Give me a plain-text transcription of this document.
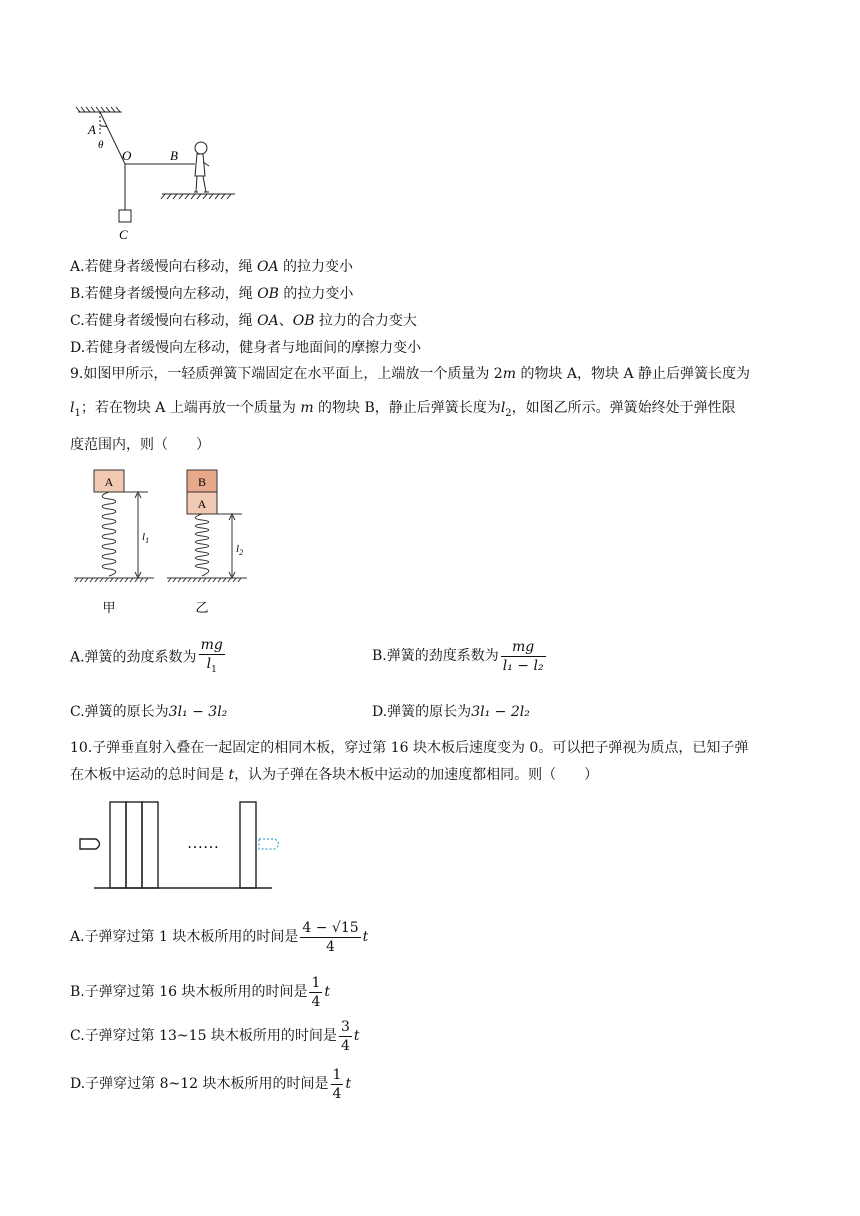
A
θ
O	B
C
A.若健身者缓慢向右移动，绳 OA 的拉力变小
B.若健身者缓慢向左移动，绳 OB 的拉力变小
C.若健身者缓慢向右移动，绳 OA、OB 拉力的合力变大
D.若健身者缓慢向左移动，健身者与地面间的摩擦力变小
9.如图甲所示，一轻质弹簧下端固定在水平面上，上端放一个质量为 2m 的物块 A，物块 A 静止后弹簧长度为
$l_1$；若在物块 A 上端再放一个质量为 m 的物块 B，静止后弹簧长度为$l_2$，如图乙所示。弹簧始终处于弹性限
度范围内，则（　　）
A
$l_1$
甲
B
A
$l_2$
乙
A.弹簧的劲度系数为 $\frac{mg}{l_1}$	B.弹簧的劲度系数为 $\frac{mg}{\text{l₁ − l₂}}$
C.弹簧的原长为3l₁ − 3l₂	D.弹簧的原长为3l₁ − 2l₂
10.子弹垂直射入叠在一起固定的相同木板，穿过第 16 块木板后速度变为 0。可以把子弹视为质点，已知子弹
在木板中运动的总时间是 t，认为子弹在各块木板中运动的加速度都相同。则（　　）
……
A.子弹穿过第 1 块木板所用的时间是 $\frac{4 - √15}{4}$ t
B.子弹穿过第 16 块木板所用的时间是 $\frac{1}{4}$ t
C.子弹穿过第 13~15 块木板所用的时间是 $\frac{3}{4}$ t
D.子弹穿过第 8~12 块木板所用的时间是 $\frac{1}{4}$ t
